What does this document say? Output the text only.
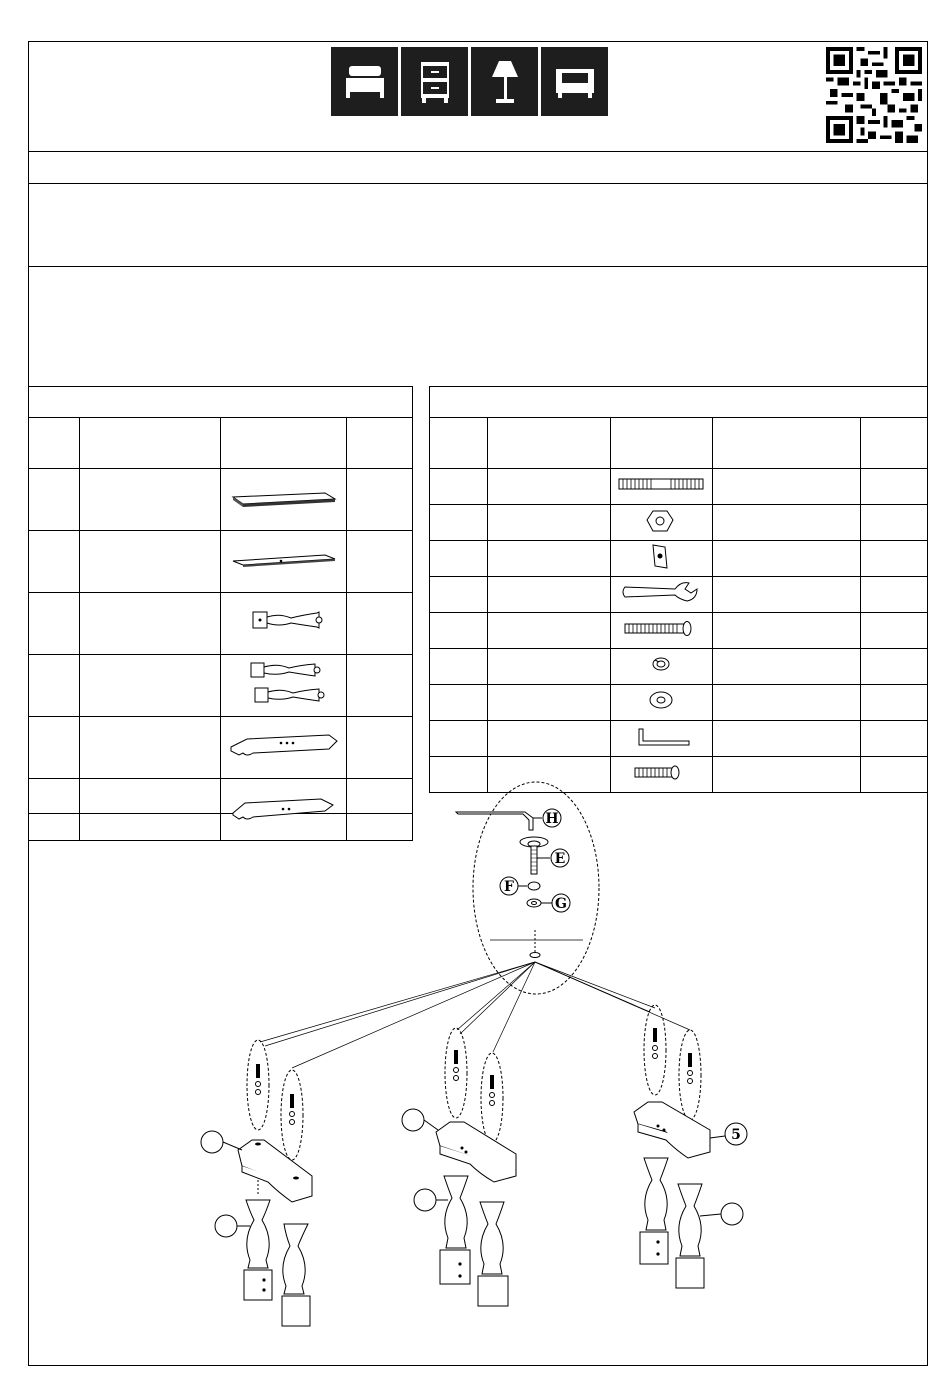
H
E
F
G
5
